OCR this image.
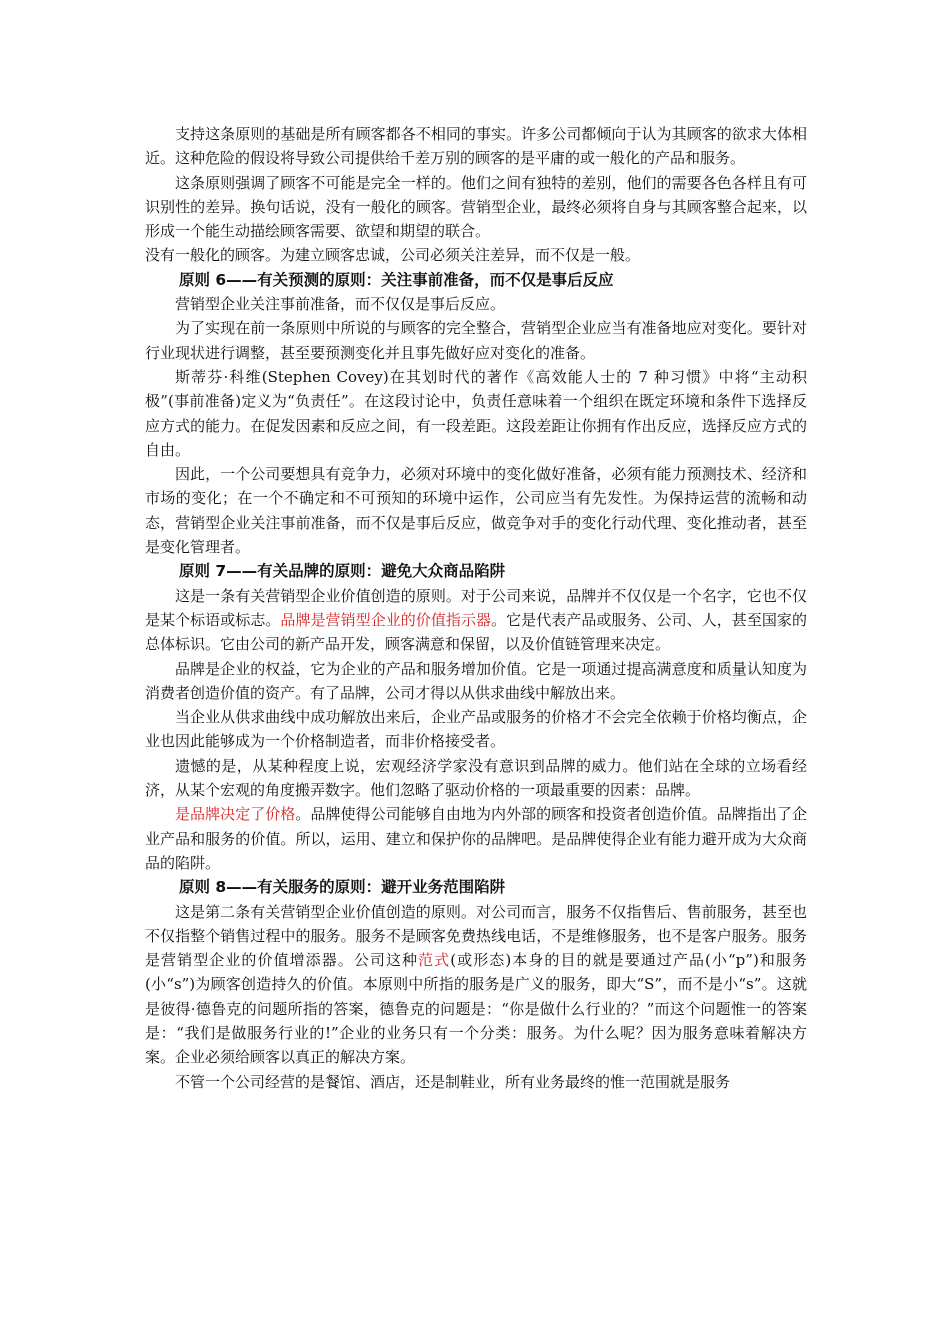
支持这条原则的基础是所有顾客都各不相同的事实。许多公司都倾向于认为其顾客的欲求大体相近。这种危险的假设将导致公司提供给千差万别的顾客的是平庸的或一般化的产品和服务。

这条原则强调了顾客不可能是完全一样的。他们之间有独特的差别，他们的需要各色各样且有可识别性的差异。换句话说，没有一般化的顾客。营销型企业，最终必须将自身与其顾客整合起来，以形成一个能生动描绘顾客需要、欲望和期望的联合。

没有一般化的顾客。为建立顾客忠诚，公司必须关注差异，而不仅是一般。

原则 6——有关预测的原则：关注事前准备，而不仅是事后反应

营销型企业关注事前准备，而不仅仅是事后反应。

为了实现在前一条原则中所说的与顾客的完全整合，营销型企业应当有准备地应对变化。要针对行业现状进行调整，甚至要预测变化并且事先做好应对变化的准备。

斯蒂芬·科维(Stephen Covey)在其划时代的著作《高效能人士的 7 种习惯》中将“主动积极”(事前准备)定义为“负责任”。在这段讨论中，负责任意味着一个组织在既定环境和条件下选择反应方式的能力。在促发因素和反应之间，有一段差距。这段差距让你拥有作出反应，选择反应方式的自由。

因此，一个公司要想具有竞争力，必须对环境中的变化做好准备，必须有能力预测技术、经济和市场的变化；在一个不确定和不可预知的环境中运作，公司应当有先发性。为保持运营的流畅和动态，营销型企业关注事前准备，而不仅是事后反应，做竞争对手的变化行动代理、变化推动者，甚至是变化管理者。

原则 7——有关品牌的原则：避免大众商品陷阱

这是一条有关营销型企业价值创造的原则。对于公司来说，品牌并不仅仅是一个名字，它也不仅是某个标语或标志。品牌是营销型企业的价值指示器。它是代表产品或服务、公司、人，甚至国家的总体标识。它由公司的新产品开发，顾客满意和保留，以及价值链管理来决定。

品牌是企业的权益，它为企业的产品和服务增加价值。它是一项通过提高满意度和质量认知度为消费者创造价值的资产。有了品牌，公司才得以从供求曲线中解放出来。

当企业从供求曲线中成功解放出来后，企业产品或服务的价格才不会完全依赖于价格均衡点，企业也因此能够成为一个价格制造者，而非价格接受者。

遗憾的是，从某种程度上说，宏观经济学家没有意识到品牌的威力。他们站在全球的立场看经济，从某个宏观的角度搬弄数字。他们忽略了驱动价格的一项最重要的因素：品牌。

是品牌决定了价格。品牌使得公司能够自由地为内外部的顾客和投资者创造价值。品牌指出了企业产品和服务的价值。所以，运用、建立和保护你的品牌吧。是品牌使得企业有能力避开成为大众商品的陷阱。

原则 8——有关服务的原则：避开业务范围陷阱

这是第二条有关营销型企业价值创造的原则。对公司而言，服务不仅指售后、售前服务，甚至也不仅指整个销售过程中的服务。服务不是顾客免费热线电话，不是维修服务，也不是客户服务。服务是营销型企业的价值增添器。公司这种范式(或形态)本身的目的就是要通过产品(小“p”)和服务(小“s”)为顾客创造持久的价值。本原则中所指的服务是广义的服务，即大“S”，而不是小“s”。这就是彼得·德鲁克的问题所指的答案，德鲁克的问题是：“你是做什么行业的？”而这个问题惟一的答案是：“我们是做服务行业的!”企业的业务只有一个分类：服务。为什么呢？因为服务意味着解决方案。企业必须给顾客以真正的解决方案。

不管一个公司经营的是餐馆、酒店，还是制鞋业，所有业务最终的惟一范围就是服务
